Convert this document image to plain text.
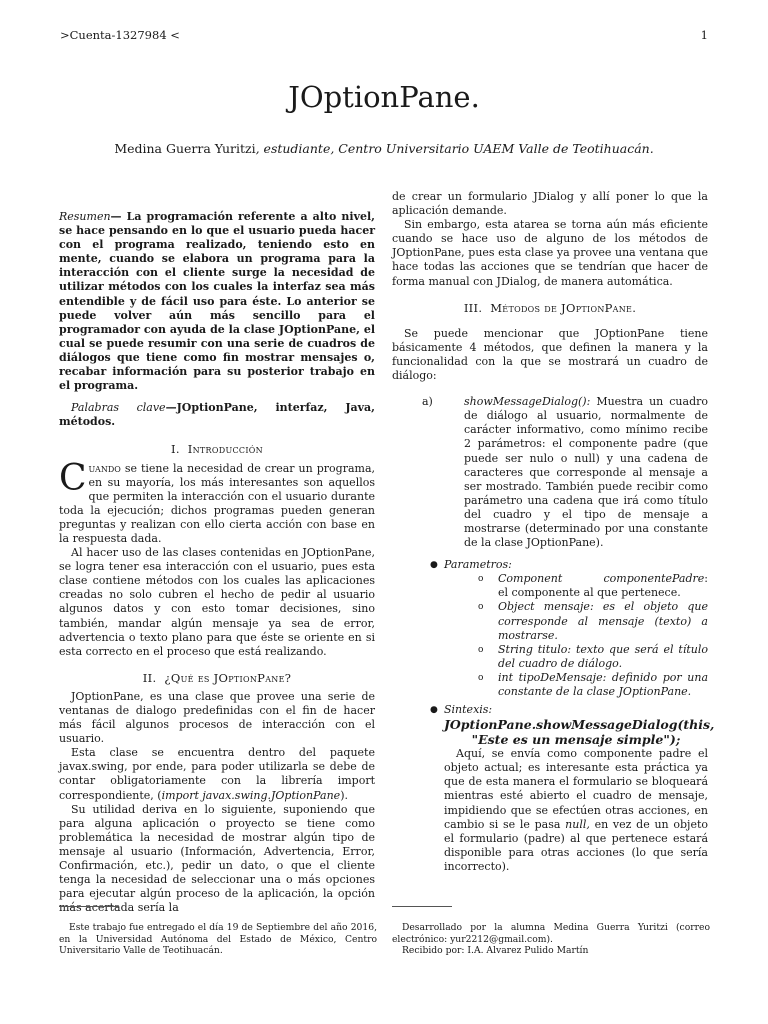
>Cuenta-1327984 <	1
JOptionPane.
Medina Guerra Yuritzi, estudiante, Centro Universitario UAEM Valle de Teotihuacán.

Resumen— La programación referente a alto nivel, se hace pensando en lo que el usuario pueda hacer con el programa realizado, teniendo esto en mente, cuando se elabora un programa para la interacción con el cliente surge la necesidad de utilizar métodos con los cuales la interfaz sea más entendible y de fácil uso para éste. Lo anterior se puede volver aún más sencillo para el programador con ayuda de la clase JOptionPane, el cual se puede resumir con una serie de cuadros de diálogos que tiene como fin mostrar mensajes o, recabar información para su posterior trabajo en el programa.

Palabras clave—JOptionPane, interfaz, Java, métodos.

I. Introducción

Cuando se tiene la necesidad de crear un programa, en su mayoría, los más interesantes son aquellos que permiten la interacción con el usuario durante toda la ejecución; dichos programas pueden generan preguntas y realizan con ello cierta acción con base en la respuesta dada.

Al hacer uso de las clases contenidas en JOptionPane, se logra tener esa interacción con el usuario, pues esta clase contiene métodos con los cuales las aplicaciones creadas no solo cubren el hecho de pedir al usuario algunos datos y con esto tomar decisiones, sino también, mandar algún mensaje ya sea de error, advertencia o texto plano para que éste se oriente en si esta correcto en el proceso que está realizando.

II. ¿Qué es JOptionPane?

JOptionPane, es una clase que provee una serie de ventanas de dialogo predefinidas con el fin de hacer más fácil algunos procesos de interacción con el usuario.

Esta clase se encuentra dentro del paquete javax.swing, por ende, para poder utilizarla se debe de contar obligatoriamente con la librería import correspondiente, (import javax.swing.JOptionPane).

Su utilidad deriva en lo siguiente, suponiendo que para alguna aplicación o proyecto se tiene como problemática la necesidad de mostrar algún tipo de mensaje al usuario (Información, Advertencia, Error, Confirmación, etc.), pedir un dato, o que el cliente tenga la necesidad de seleccionar una o más opciones para ejecutar algún proceso de la aplicación, la opción más acertada sería la

de crear un formulario JDialog y allí poner lo que la aplicación demande.

Sin embargo, esta atarea se torna aún más eficiente cuando se hace uso de alguno de los métodos de JOptionPane, pues esta clase ya provee una ventana que hace todas las acciones que se tendrían que hacer de forma manual con JDialog, de manera automática.

III. Métodos de JOptionPane.

Se puede mencionar que JOptionPane tiene básicamente 4 métodos, que definen la manera y la funcionalidad con la que se mostrará un cuadro de diálogo:

a)	showMessageDialog(): Muestra un cuadro de diálogo al usuario, normalmente de carácter informativo, como mínimo recibe 2 parámetros: el componente padre (que puede ser nulo o null) y una cadena de caracteres que corresponde al mensaje a ser mostrado. También puede recibir como parámetro una cadena que irá como título del cuadro y el tipo de mensaje a mostrarse (determinado por una constante de la clase JOptionPane).
● Parametros:
o	Component componentePadre: el componente al que pertenece.
o	Object mensaje: es el objeto que corresponde al mensaje (texto) a mostrarse.
o	String titulo: texto que será el título del cuadro de diálogo.
o	int tipoDeMensaje: definido por una constante de la clase JOptionPane.
● Sintexis:
JOptionPane.showMessageDialog(this,
"Este es un mensaje simple");

Aquí, se envía como componente padre el objeto actual; es interesante esta práctica ya que de esta manera el formulario se bloqueará mientras esté abierto el cuadro de mensaje, impidiendo que se efectúen otras acciones, en cambio si se le pasa null, en vez de un objeto el formulario (padre) al que pertenece estará disponible para otras acciones (lo que sería incorrecto).

Este trabajo fue entregado el día 19 de Septiembre del año 2016, en la Universidad Autónoma del Estado de México, Centro Universitario Valle de Teotihuacán.

Desarrollado por la alumna Medina Guerra Yuritzi (correo electrónico: yur2212@gmail.com).

Recibido por: I.A. Alvarez Pulido Martín
